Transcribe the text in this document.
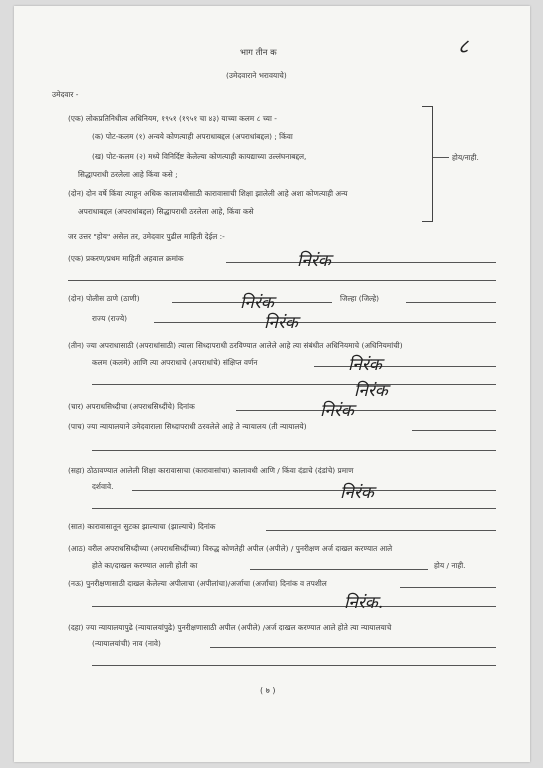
भाग तीन क
(उमेदवाराने भरावयाचे)
८
उमेदवार -
(एक) लोकप्रतिनिधीत्व अधिनियम, १९५१ (१९५१ चा ४३) याच्या कलम ८ च्या -
(क) पोट-कलम (१) अन्वये कोणत्याही अपराधाबद्दल (अपराधांबद्दल) ; किंवा
(ख) पोट-कलम (२) मध्ये विनिर्दिष्ट केलेल्या कोणत्याही कायद्याच्या उल्लंघनाबद्दल,
सिद्धापराधी ठरलेला आहे किंवा कसे ;
(दोन) दोन वर्षे किंवा त्याहून अधिक कालावधीसाठी कारावासाची शिक्षा झालेली आहे अशा कोणत्याही अन्य
अपराधाबद्दल (अपराधांबद्दल) सिद्धापराधी ठरलेला आहे, किंवा कसे
होय/नाही.
जर उत्तर "होय" असेल तर, उमेदवार पुढील माहिती देईल :-
(एक) प्रकरण/प्रथम माहिती अहवाल क्रमांक	निरंक
(दोन) पोलीस ठाणे (ठाणी)	निरंक	जिल्हा (जिल्हे)
राज्य (राज्ये)	निरंक
(तीन) ज्या अपराधासाठी (अपराधांसाठी) त्याला सिध्दापराधी ठरविण्यात आलेले आहे त्या संबंधीत अधिनियमाचे (अधिनियमांची)
कलम (कलमे) आणि त्या अपराधाचे (अपराधांचे) संक्षिप्त वर्णन	निरंक
निरंक
(चार) अपराधसिध्दीचा (अपराधसिध्दींचे) दिनांक	निरंक
(पाच) ज्या न्यायालयाने उमेदवाराला सिध्दापराधी ठरवलेले आहे ते न्यायालय (ती न्यायालये)
(सहा) ठोठावण्यात आलेली शिक्षा कारावासाचा (कारावासांचा) कालावधी आणि / किंवा दंडाचे (दंडांचे) प्रमाण
दर्शवावे.	निरंक
(सात) कारावासातून सुटका झाल्याचा (झाल्याचे) दिनांक
(आठ) वरील अपराधसिध्दीच्या (अपराधसिध्दींच्या) विरुद्ध कोणतेही अपील (अपीले) / पुनरीक्षण अर्ज दाखल करण्यात आले
होते का/दाखल करण्यात आली होती का	होय / नाही.
(नऊ) पुनरीक्षणासाठी दाखल केलेल्या अपीलाचा (अपीलांचा)/अर्जाचा (अर्जांचा) दिनांक व तपशील
निरंक.
(दहा) ज्या न्यायालयापुढे (न्यायालयांपुढे) पुनरीक्षणासाठी अपील (अपीले) /अर्ज दाखल करण्यात आले होते त्या न्यायालयाचे
(न्यायालयांची) नाव (नावे)
( ७ )
